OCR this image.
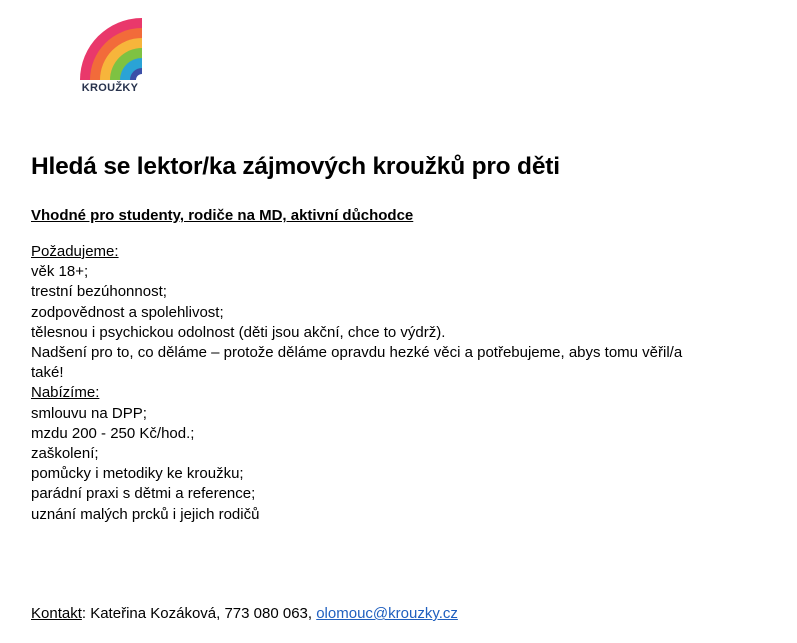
KROUŽKY
Hledá se lektor/ka zájmových kroužků pro děti

Vhodné pro studenty, rodiče na MD, aktivní důchodce

Požadujeme:
věk 18+;
trestní bezúhonnost;
zodpovědnost a spolehlivost;
tělesnou i psychickou odolnost (děti jsou akční, chce to výdrž).
Nadšení pro to, co děláme – protože děláme opravdu hezké věci a potřebujeme, abys tomu věřil/a
také!
Nabízíme:
smlouvu na DPP;
mzdu 200 - 250 Kč/hod.;
zaškolení;
pomůcky i metodiky ke kroužku;
parádní praxi s dětmi a reference;
uznání malých prcků i jejich rodičů
Kontakt: Kateřina Kozáková, 773 080 063, olomouc@krouzky.cz
